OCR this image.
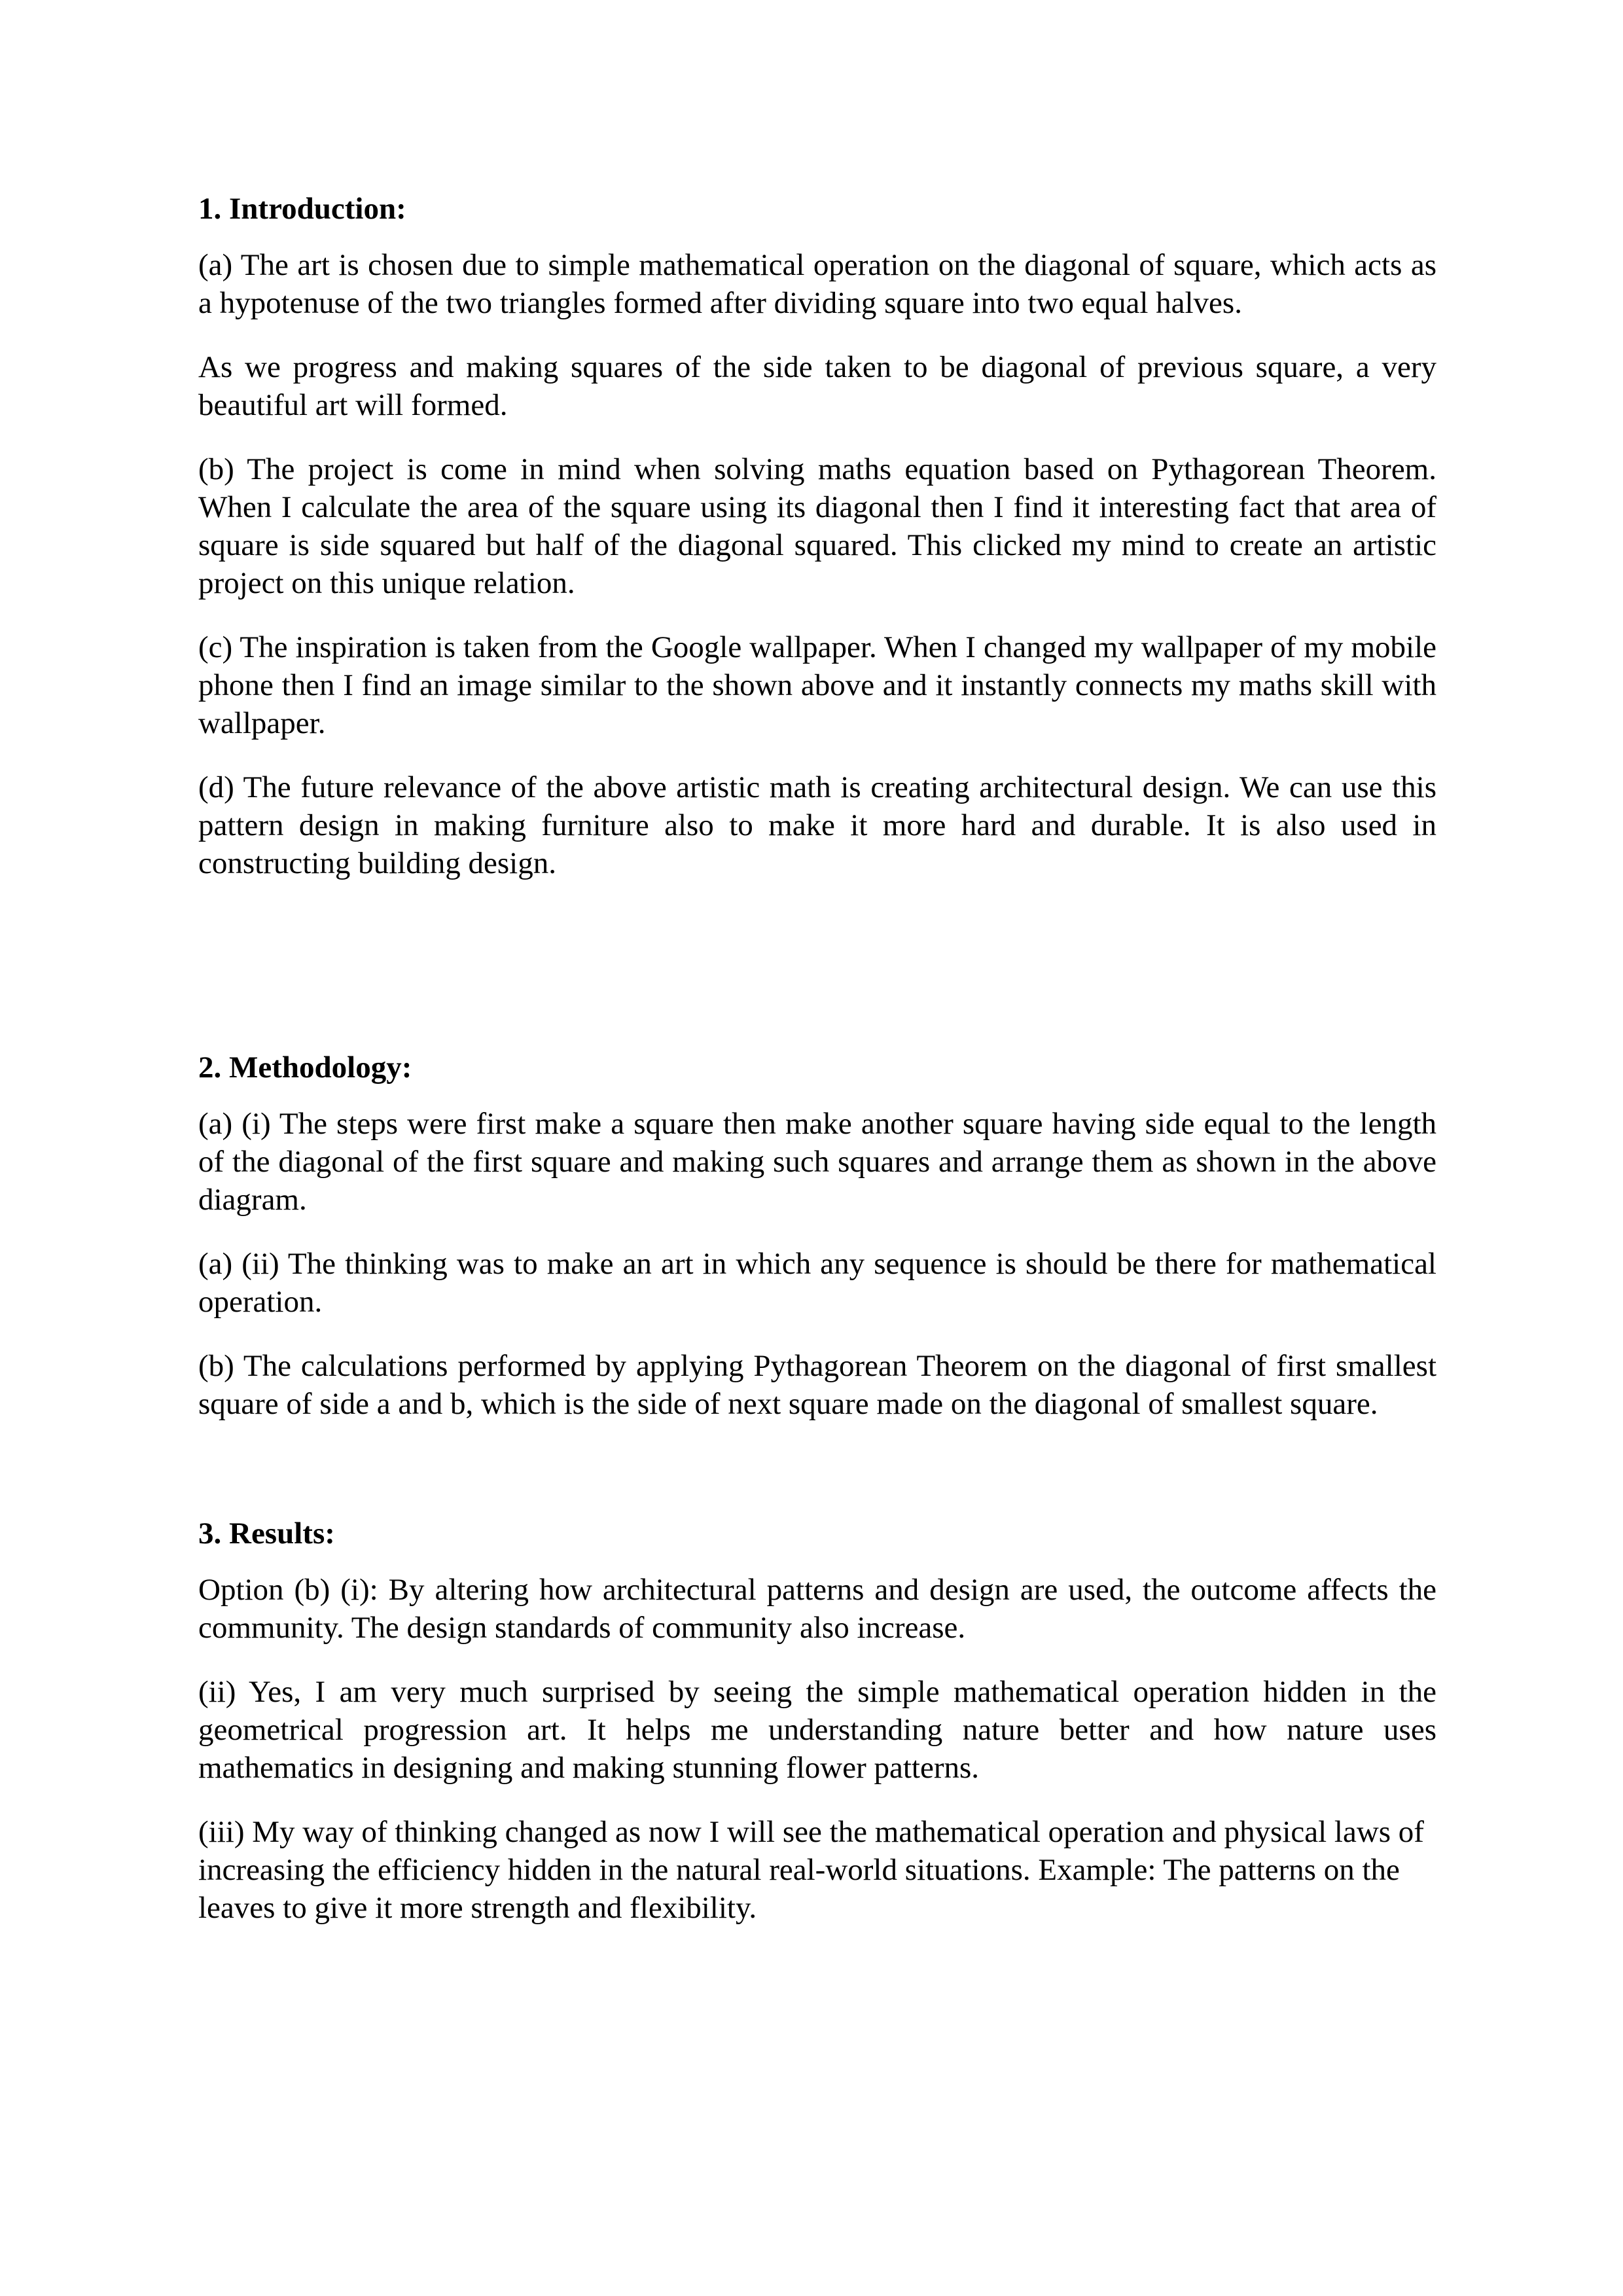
1. Introduction:

(a) The art is chosen due to simple mathematical operation on the diagonal of square, which acts as a hypotenuse of the two triangles formed after dividing square into two equal halves.

As we progress and making squares of the side taken to be diagonal of previous square, a very beautiful art will formed.

(b) The project is come in mind when solving maths equation based on Pythagorean Theorem. When I calculate the area of the square using its diagonal then I find it interesting fact that area of square is side squared but half of the diagonal squared. This clicked my mind to create an artistic project on this unique relation.

(c) The inspiration is taken from the Google wallpaper. When I changed my wallpaper of my mobile phone then I find an image similar to the shown above and it instantly connects my maths skill with wallpaper.

(d) The future relevance of the above artistic math is creating architectural design. We can use this pattern design in making furniture also to make it more hard and durable. It is also used in constructing building design.

2. Methodology:

(a) (i) The steps were first make a square then make another square having side equal to the length of the diagonal of the first square and making such squares and arrange them as shown in the above diagram.

(a) (ii) The thinking was to make an art in which any sequence is should be there for mathematical operation.

(b) The calculations performed by applying Pythagorean Theorem on the diagonal of first smallest square of side a and b, which is the side of next square made on the diagonal of smallest square.

3. Results:

Option (b) (i): By altering how architectural patterns and design are used, the outcome affects the community. The design standards of community also increase.

(ii) Yes, I am very much surprised by seeing the simple mathematical operation hidden in the geometrical progression art. It helps me understanding nature better and how nature uses mathematics in designing and making stunning flower patterns.

(iii) My way of thinking changed as now I will see the mathematical operation and physical laws of increasing the efficiency hidden in the natural real-world situations. Example: The patterns on the leaves to give it more strength and flexibility.
